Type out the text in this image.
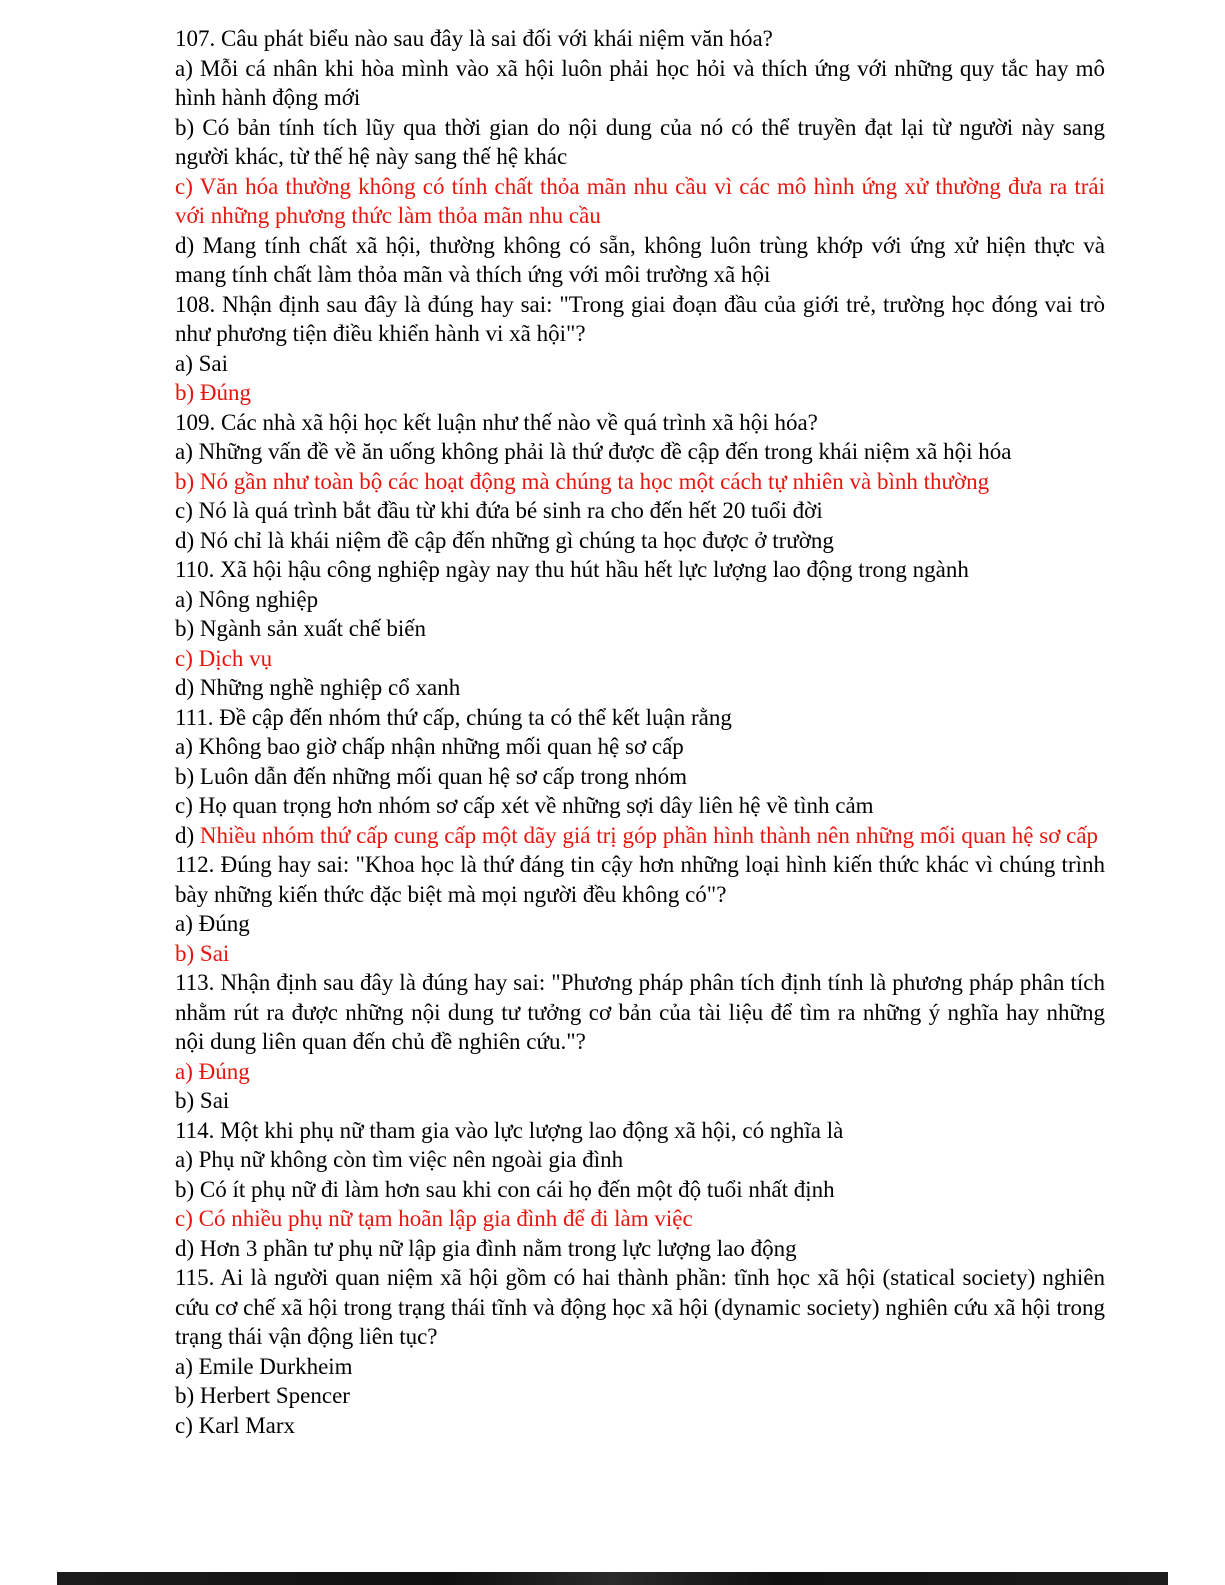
107. Câu phát biểu nào sau đây là sai đối với khái niệm văn hóa?

a) Mỗi cá nhân khi hòa mình vào xã hội luôn phải học hỏi và thích ứng với những quy tắc hay mô hình hành động mới

b) Có bản tính tích lũy qua thời gian do nội dung của nó có thể truyền đạt lại từ người này sang người khác, từ thế hệ này sang thế hệ khác

c) Văn hóa thường không có tính chất thỏa mãn nhu cầu vì các mô hình ứng xử thường đưa ra trái với những phương thức làm thỏa mãn nhu cầu

d) Mang tính chất xã hội, thường không có sẵn, không luôn trùng khớp với ứng xử hiện thực và mang tính chất làm thỏa mãn và thích ứng với môi trường xã hội

108. Nhận định sau đây là đúng hay sai: "Trong giai đoạn đầu của giới trẻ, trường học đóng vai trò như phương tiện điều khiển hành vi xã hội"?

a) Sai

b) Đúng

109. Các nhà xã hội học kết luận như thế nào về quá trình xã hội hóa?

a) Những vấn đề về ăn uống không phải là thứ được đề cập đến trong khái niệm xã hội hóa

b) Nó gần như toàn bộ các hoạt động mà chúng ta học một cách tự nhiên và bình thường

c) Nó là quá trình bắt đầu từ khi đứa bé sinh ra cho đến hết 20 tuổi đời

d) Nó chỉ là khái niệm đề cập đến những gì chúng ta học được ở trường

110. Xã hội hậu công nghiệp ngày nay thu hút hầu hết lực lượng lao động trong ngành

a) Nông nghiệp

b) Ngành sản xuất chế biến

c) Dịch vụ

d) Những nghề nghiệp cổ xanh

111. Đề cập đến nhóm thứ cấp, chúng ta có thể kết luận rằng

a) Không bao giờ chấp nhận những mối quan hệ sơ cấp

b) Luôn dẫn đến những mối quan hệ sơ cấp trong nhóm

c) Họ quan trọng hơn nhóm sơ cấp xét về những sợi dây liên hệ về tình cảm

d) Nhiều nhóm thứ cấp cung cấp một dãy giá trị góp phần hình thành nên những mối quan hệ sơ cấp

112. Đúng hay sai: "Khoa học là thứ đáng tin cậy hơn những loại hình kiến thức khác vì chúng trình bày những kiến thức đặc biệt mà mọi người đều không có"?

a) Đúng

b) Sai

113. Nhận định sau đây là đúng hay sai: "Phương pháp phân tích định tính là phương pháp phân tích nhằm rút ra được những nội dung tư tưởng cơ bản của tài liệu để tìm ra những ý nghĩa hay những nội dung liên quan đến chủ đề nghiên cứu."?

a) Đúng

b) Sai

114. Một khi phụ nữ tham gia vào lực lượng lao động xã hội, có nghĩa là

a) Phụ nữ không còn tìm việc nên ngoài gia đình

b) Có ít phụ nữ đi làm hơn sau khi con cái họ đến một độ tuổi nhất định

c) Có nhiều phụ nữ tạm hoãn lập gia đình để đi làm việc

d) Hơn 3 phần tư phụ nữ lập gia đình nằm trong lực lượng lao động

115. Ai là người quan niệm xã hội gồm có hai thành phần: tĩnh học xã hội (statical society) nghiên cứu cơ chế xã hội trong trạng thái tĩnh và động học xã hội (dynamic society) nghiên cứu xã hội trong trạng thái vận động liên tục?

a) Emile Durkheim

b) Herbert Spencer

c) Karl Marx
